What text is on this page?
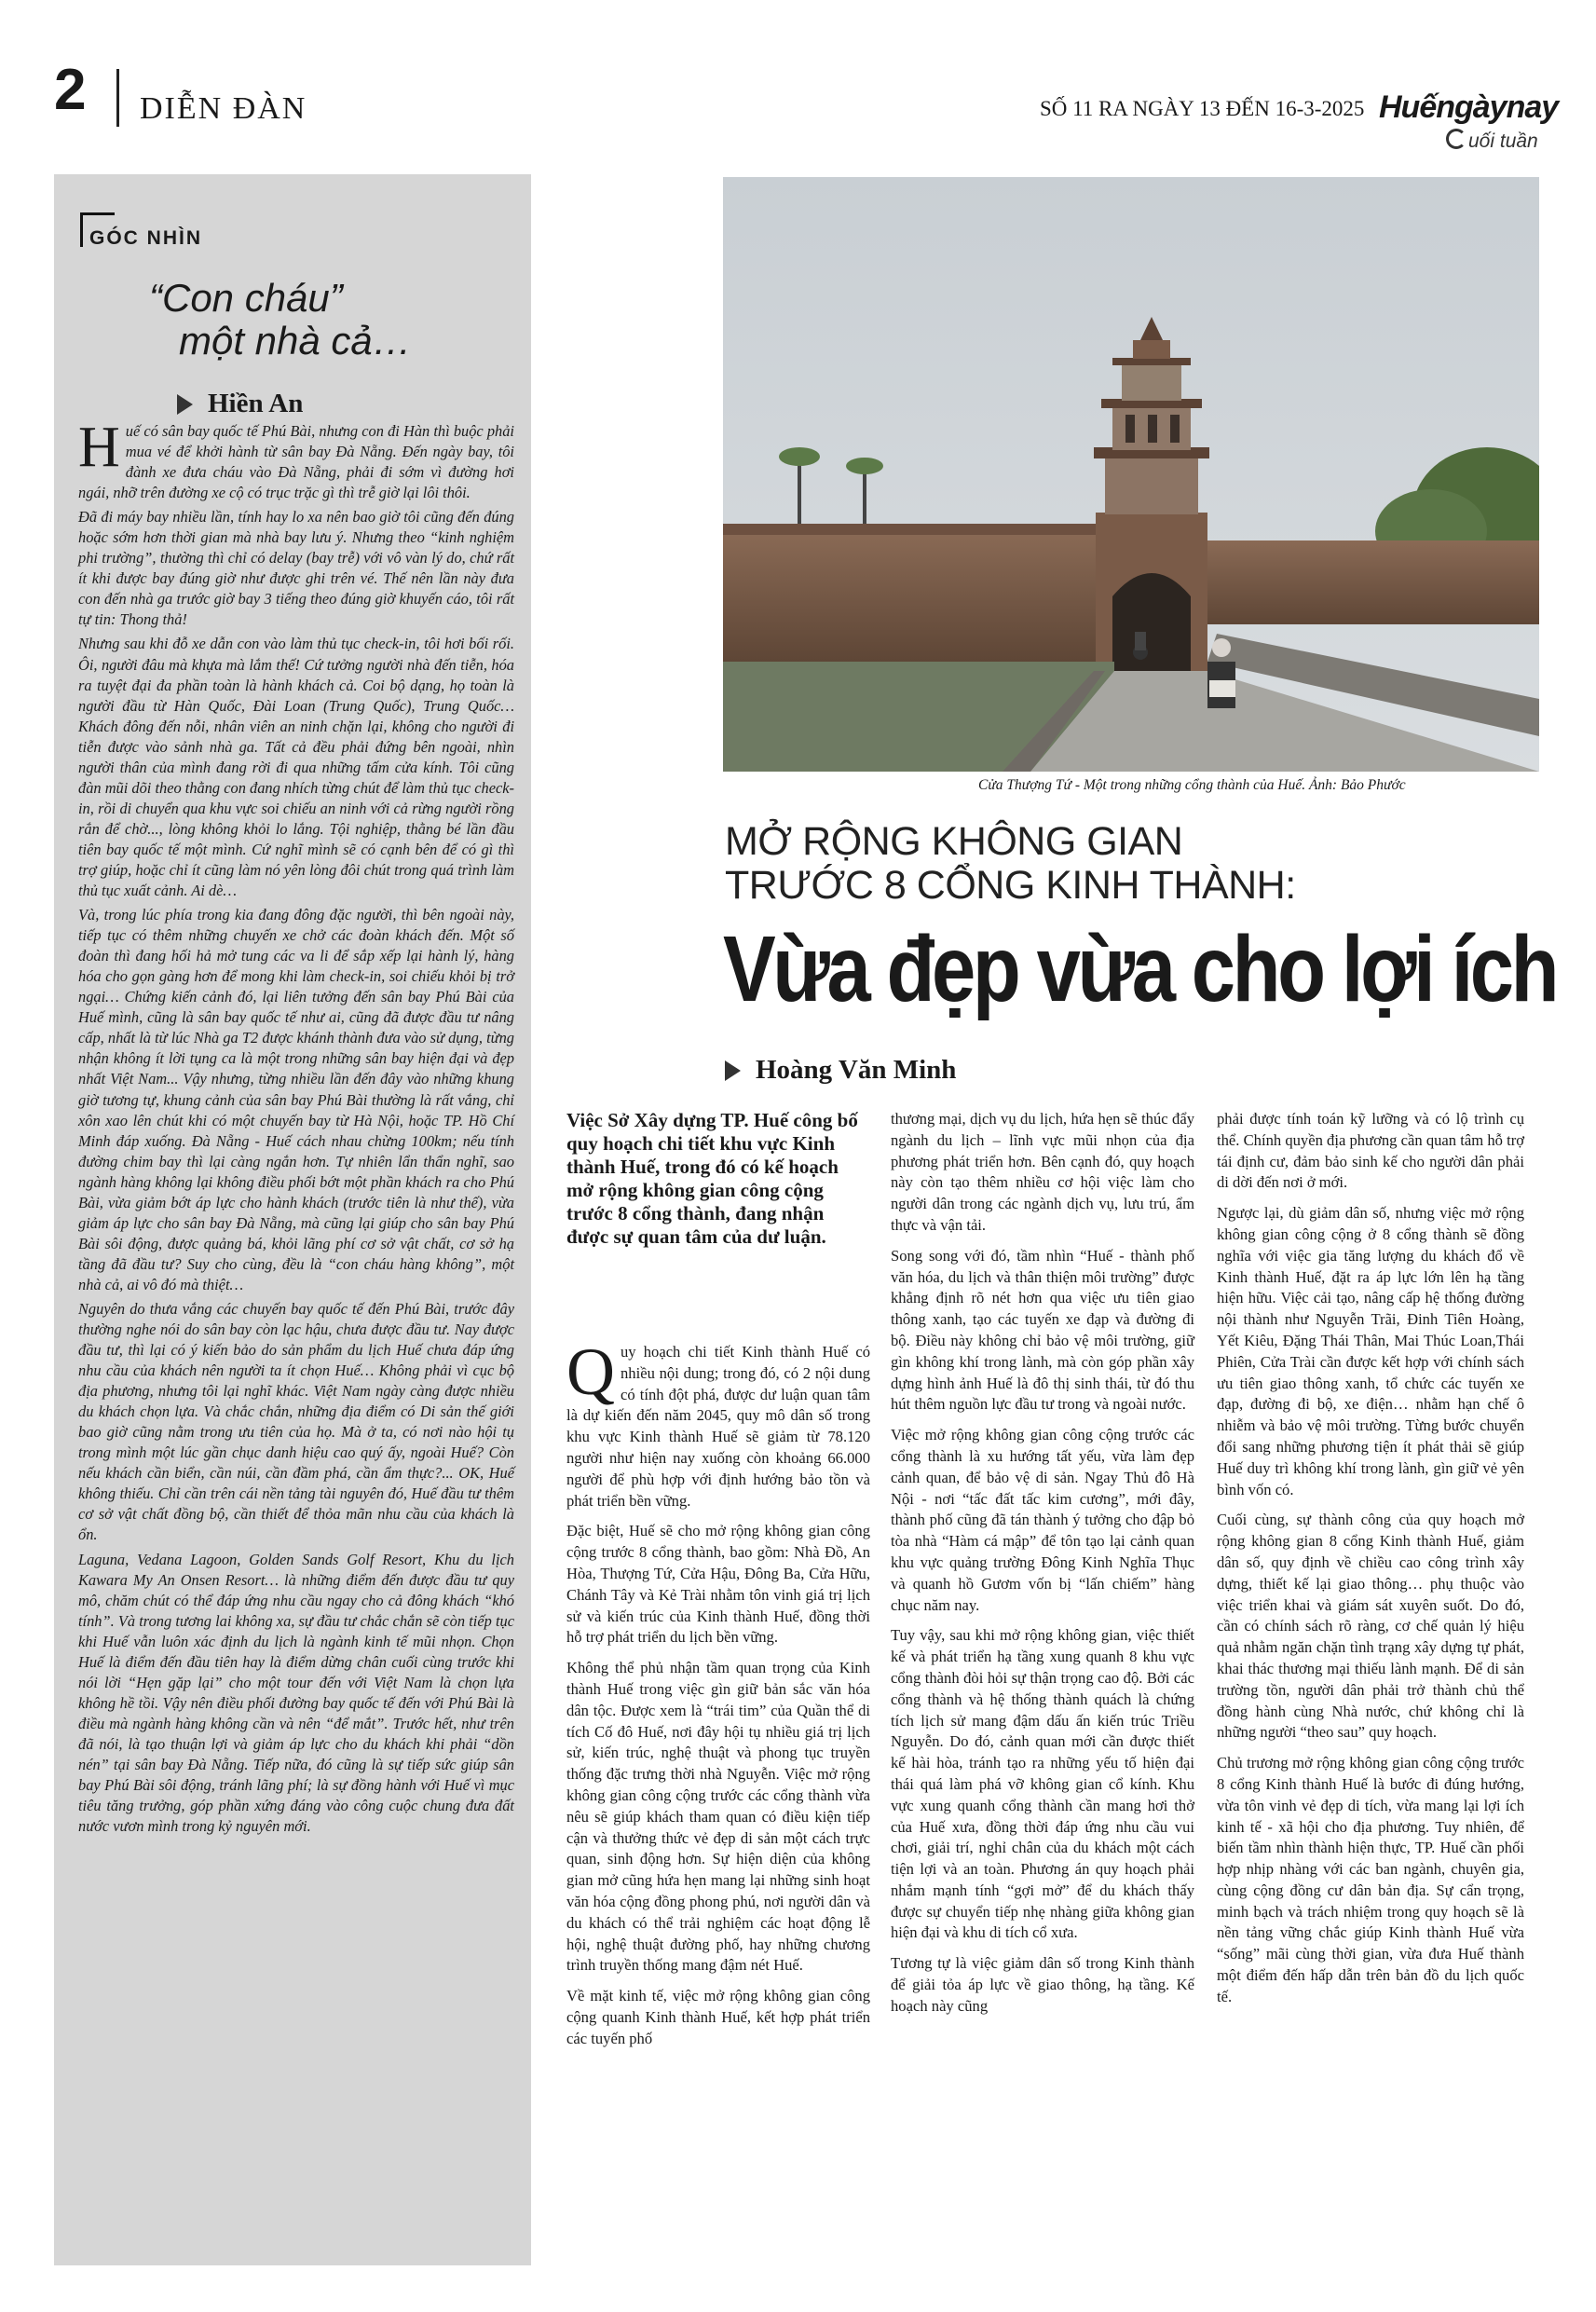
2 DIỄN ĐÀN	SỐ 11 RA NGÀY 13 ĐẾN 16-3-2025 Huếngàynay
uối tuần
GÓC NHÌN
“Con cháu”
một nhà cả…
Hiền An

Huế có sân bay quốc tế Phú Bài, nhưng con đi Hàn thì buộc phải mua vé để khởi hành từ sân bay Đà Nẵng. Đến ngày bay, tôi đành xe đưa cháu vào Đà Nẵng, phải đi sớm vì đường hơi ngái, nhỡ trên đường xe cộ có trục trặc gì thì trễ giờ lại lôi thôi.

Đã đi máy bay nhiều lần, tính hay lo xa nên bao giờ tôi cũng đến đúng hoặc sớm hơn thời gian mà nhà bay lưu ý. Nhưng theo “kinh nghiệm phi trường”, thường thì chỉ có delay (bay trễ) với vô vàn lý do, chứ rất ít khi được bay đúng giờ như được ghi trên vé. Thế nên lần này đưa con đến nhà ga trước giờ bay 3 tiếng theo đúng giờ khuyến cáo, tôi rất tự tin: Thong thả!

Nhưng sau khi đỗ xe dẫn con vào làm thủ tục check-in, tôi hơi bối rối. Ôi, người đâu mà khựa mà lắm thế! Cứ tưởng người nhà đến tiễn, hóa ra tuyệt đại đa phần toàn là hành khách cả. Coi bộ dạng, họ toàn là người đầu từ Hàn Quốc, Đài Loan (Trung Quốc), Trung Quốc… Khách đông đến nỗi, nhân viên an ninh chặn lại, không cho người đi tiễn được vào sảnh nhà ga. Tất cả đều phải đứng bên ngoài, nhìn người thân của mình đang rời đi qua những tấm cửa kính. Tôi cũng đàn mũi dõi theo thằng con đang nhích từng chút để làm thủ tục check-in, rồi di chuyển qua khu vực soi chiếu an ninh với cả rừng người rồng rắn để chờ..., lòng không khỏi lo lắng. Tội nghiệp, thằng bé lần đầu tiên bay quốc tế một mình. Cứ nghĩ mình sẽ có cạnh bên để có gì thì trợ giúp, hoặc chỉ ít cũng làm nó yên lòng đôi chút trong quá trình làm thủ tục xuất cảnh. Ai dè…

Và, trong lúc phía trong kia đang đông đặc người, thì bên ngoài này, tiếp tục có thêm những chuyến xe chở các đoàn khách đến. Một số đoàn thì đang hối hả mở tung các va li để sắp xếp lại hành lý, hàng hóa cho gọn gàng hơn để mong khi làm check-in, soi chiếu khỏi bị trở ngại… Chứng kiến cảnh đó, lại liên tưởng đến sân bay Phú Bài của Huế mình, cũng là sân bay quốc tế như ai, cũng đã được đầu tư nâng cấp, nhất là từ lúc Nhà ga T2 được khánh thành đưa vào sử dụng, từng nhận không ít lời tụng ca là một trong những sân bay hiện đại và đẹp nhất Việt Nam... Vậy nhưng, từng nhiều lần đến đây vào những khung giờ tương tự, khung cảnh của sân bay Phú Bài thường là rất vắng, chỉ xôn xao lên chút khi có một chuyến bay từ Hà Nội, hoặc TP. Hồ Chí Minh đáp xuống. Đà Nẵng - Huế cách nhau chừng 100km; nếu tính đường chim bay thì lại càng ngắn hơn. Tự nhiên lẩn thẩn nghĩ, sao ngành hàng không lại không điều phối bớt một phần khách ra cho Phú Bài, vừa giảm bớt áp lực cho hành khách (trước tiên là như thế), vừa giảm áp lực cho sân bay Đà Nẵng, mà cũng lại giúp cho sân bay Phú Bài sôi động, được quảng bá, khỏi lãng phí cơ sở vật chất, cơ sở hạ tầng đã đầu tư? Suy cho cùng, đều là “con cháu hàng không”, một nhà cả, ai vô đó mà thiệt…

Nguyên do thưa vắng các chuyến bay quốc tế đến Phú Bài, trước đây thường nghe nói do sân bay còn lạc hậu, chưa được đầu tư. Nay được đầu tư, thì lại có ý kiến bảo do sản phẩm du lịch Huế chưa đáp ứng nhu cầu của khách nên người ta ít chọn Huế… Không phải vì cục bộ địa phương, nhưng tôi lại nghĩ khác. Việt Nam ngày càng được nhiều du khách chọn lựa. Và chắc chắn, những địa điểm có Di sản thế giới bao giờ cũng nằm trong ưu tiên của họ. Mà ở ta, có nơi nào hội tụ trong mình một lúc gần chục danh hiệu cao quý ấy, ngoài Huế? Còn nếu khách cần biển, cần núi, cần đầm phá, cần ẩm thực?... OK, Huế không thiếu. Chỉ cần trên cái nền tảng tài nguyên đó, Huế đầu tư thêm cơ sở vật chất đồng bộ, cần thiết để thỏa mãn nhu cầu của khách là ổn.

Laguna, Vedana Lagoon, Golden Sands Golf Resort, Khu du lịch Kawara My An Onsen Resort… là những điểm đến được đầu tư quy mô, chăm chút có thể đáp ứng nhu cầu ngay cho cả đông khách “khó tính”. Và trong tương lai không xa, sự đầu tư chắc chắn sẽ còn tiếp tục khi Huế vẫn luôn xác định du lịch là ngành kinh tế mũi nhọn. Chọn Huế là điểm đến đầu tiên hay là điểm dừng chân cuối cùng trước khi nói lời “Hẹn gặp lại” cho một tour đến với Việt Nam là chọn lựa không hề tồi. Vậy nên điều phối đường bay quốc tế đến với Phú Bài là điều mà ngành hàng không cần và nên “để mắt”. Trước hết, như trên đã nói, là tạo thuận lợi và giảm áp lực cho du khách khi phải “dồn nén” tại sân bay Đà Nẵng. Tiếp nữa, đó cũng là sự tiếp sức giúp sân bay Phú Bài sôi động, tránh lãng phí; là sự đồng hành với Huế vì mục tiêu tăng trưởng, góp phần xứng đáng vào công cuộc chung đưa đất nước vươn mình trong kỷ nguyên mới.

Cửa Thượng Tứ - Một trong những cổng thành của Huế. Ảnh: Bảo Phước
MỞ RỘNG KHÔNG GIAN
TRƯỚC 8 CỔNG KINH THÀNH:
Vừa đẹp vừa cho lợi ích
Hoàng Văn Minh
Việc Sở Xây dựng TP. Huế công bố quy hoạch chi tiết khu vực Kinh thành Huế, trong đó có kế hoạch mở rộng không gian công cộng trước 8 cổng thành, đang nhận được sự quan tâm của dư luận.

Quy hoạch chi tiết Kinh thành Huế có nhiều nội dung; trong đó, có 2 nội dung có tính đột phá, được dư luận quan tâm là dự kiến đến năm 2045, quy mô dân số trong khu vực Kinh thành Huế sẽ giảm từ 78.120 người như hiện nay xuống còn khoảng 66.000 người để phù hợp với định hướng bảo tồn và phát triển bền vững.

Đặc biệt, Huế sẽ cho mở rộng không gian công cộng trước 8 cổng thành, bao gồm: Nhà Đồ, An Hòa, Thượng Tứ, Cửa Hậu, Đông Ba, Cửa Hữu, Chánh Tây và Kẻ Trài nhằm tôn vinh giá trị lịch sử và kiến trúc của Kinh thành Huế, đồng thời hỗ trợ phát triển du lịch bền vững.

Không thể phủ nhận tầm quan trọng của Kinh thành Huế trong việc gìn giữ bản sắc văn hóa dân tộc. Được xem là “trái tim” của Quần thể di tích Cố đô Huế, nơi đây hội tụ nhiều giá trị lịch sử, kiến trúc, nghệ thuật và phong tục truyền thống đặc trưng thời nhà Nguyễn. Việc mở rộng không gian công cộng trước các cổng thành vừa nêu sẽ giúp khách tham quan có điều kiện tiếp cận và thưởng thức vẻ đẹp di sản một cách trực quan, sinh động hơn. Sự hiện diện của không gian mở cũng hứa hẹn mang lại những sinh hoạt văn hóa cộng đồng phong phú, nơi người dân và du khách có thể trải nghiệm các hoạt động lễ hội, nghệ thuật đường phố, hay những chương trình truyền thống mang đậm nét Huế.

Về mặt kinh tế, việc mở rộng không gian công cộng quanh Kinh thành Huế, kết hợp phát triển các tuyến phố

thương mại, dịch vụ du lịch, hứa hẹn sẽ thúc đẩy ngành du lịch – lĩnh vực mũi nhọn của địa phương phát triển hơn. Bên cạnh đó, quy hoạch này còn tạo thêm nhiều cơ hội việc làm cho người dân trong các ngành dịch vụ, lưu trú, ẩm thực và vận tải.

Song song với đó, tầm nhìn “Huế - thành phố văn hóa, du lịch và thân thiện môi trường” được khẳng định rõ nét hơn qua việc ưu tiên giao thông xanh, tạo các tuyến xe đạp và đường đi bộ. Điều này không chỉ bảo vệ môi trường, giữ gìn không khí trong lành, mà còn góp phần xây dựng hình ảnh Huế là đô thị sinh thái, từ đó thu hút thêm nguồn lực đầu tư trong và ngoài nước.

Việc mở rộng không gian công cộng trước các cổng thành là xu hướng tất yếu, vừa làm đẹp cảnh quan, để bảo vệ di sản. Ngay Thủ đô Hà Nội - nơi “tấc đất tấc kim cương”, mới đây, thành phố cũng đã tán thành ý tưởng cho đập bỏ tòa nhà “Hàm cá mập” để tôn tạo lại cảnh quan khu vực quảng trường Đông Kinh Nghĩa Thục và quanh hồ Gươm vốn bị “lấn chiếm” hàng chục năm nay.

Tuy vậy, sau khi mở rộng không gian, việc thiết kế và phát triển hạ tầng xung quanh 8 khu vực cổng thành đòi hỏi sự thận trọng cao độ. Bởi các cổng thành và hệ thống thành quách là chứng tích lịch sử mang đậm dấu ấn kiến trúc Triều Nguyễn. Do đó, cảnh quan mới cần được thiết kế hài hòa, tránh tạo ra những yếu tố hiện đại thái quá làm phá vỡ không gian cổ kính. Khu vực xung quanh cổng thành cần mang hơi thở của Huế xưa, đồng thời đáp ứng nhu cầu vui chơi, giải trí, nghỉ chân của du khách một cách tiện lợi và an toàn. Phương án quy hoạch phải nhắm mạnh tính “gợi mở” để du khách thấy được sự chuyển tiếp nhẹ nhàng giữa không gian hiện đại và khu di tích cổ xưa.

Tương tự là việc giảm dân số trong Kinh thành để giải tỏa áp lực về giao thông, hạ tầng. Kế hoạch này cũng

phải được tính toán kỹ lưỡng và có lộ trình cụ thể. Chính quyền địa phương cần quan tâm hỗ trợ tái định cư, đảm bảo sinh kế cho người dân phải di dời đến nơi ở mới.

Ngược lại, dù giảm dân số, nhưng việc mở rộng không gian công cộng ở 8 cổng thành sẽ đồng nghĩa với việc gia tăng lượng du khách đổ về Kinh thành Huế, đặt ra áp lực lớn lên hạ tầng hiện hữu. Việc cải tạo, nâng cấp hệ thống đường nội thành như Nguyễn Trãi, Đinh Tiên Hoàng, Yết Kiêu, Đặng Thái Thân, Mai Thúc Loan,Thái Phiên, Cửa Trài cần được kết hợp với chính sách ưu tiên giao thông xanh, tổ chức các tuyến xe đạp, đường đi bộ, xe điện… nhằm hạn chế ô nhiễm và bảo vệ môi trường. Từng bước chuyển đổi sang những phương tiện ít phát thải sẽ giúp Huế duy trì không khí trong lành, gìn giữ vẻ yên bình vốn có.

Cuối cùng, sự thành công của quy hoạch mở rộng không gian 8 cổng Kinh thành Huế, giảm dân số, quy định về chiều cao công trình xây dựng, thiết kế lại giao thông… phụ thuộc vào việc triển khai và giám sát xuyên suốt. Do đó, cần có chính sách rõ ràng, cơ chế quản lý hiệu quả nhằm ngăn chặn tình trạng xây dựng tự phát, khai thác thương mại thiếu lành mạnh. Để di sản trường tồn, người dân phải trở thành chủ thể đồng hành cùng Nhà nước, chứ không chỉ là những người “theo sau” quy hoạch.

Chủ trương mở rộng không gian công cộng trước 8 cổng Kinh thành Huế là bước đi đúng hướng, vừa tôn vinh vẻ đẹp di tích, vừa mang lại lợi ích kinh tế - xã hội cho địa phương. Tuy nhiên, để biến tầm nhìn thành hiện thực, TP. Huế cần phối hợp nhịp nhàng với các ban ngành, chuyên gia, cùng cộng đồng cư dân bản địa. Sự cẩn trọng, minh bạch và trách nhiệm trong quy hoạch sẽ là nền tảng vững chắc giúp Kinh thành Huế vừa “sống” mãi cùng thời gian, vừa đưa Huế thành một điểm đến hấp dẫn trên bản đồ du lịch quốc tế.
